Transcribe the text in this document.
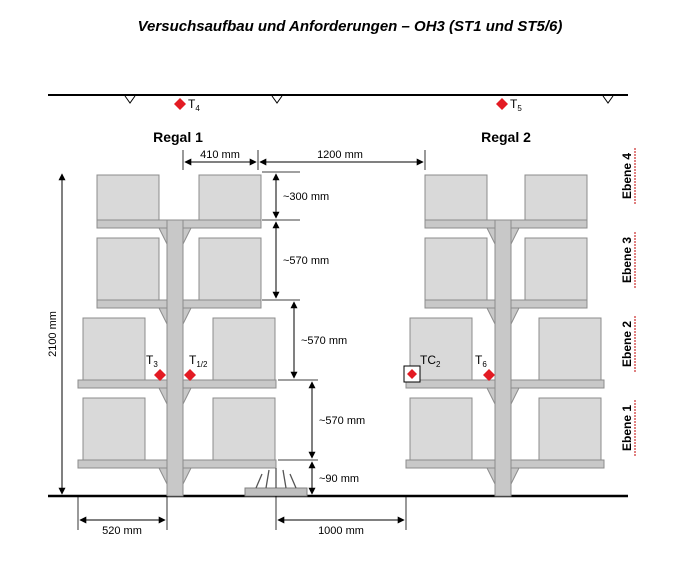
Versuchsaufbau und Anforderungen – OH3 (ST1 und ST5/6)
Regal 1	Regal 2
410 mm	1200 mm
~300 mm
~570 mm
~570 mm
~570 mm
~90 mm
2100 mm
520 mm	1000 mm
Ebene 4
Ebene 3
Ebene 2
Ebene 1
$T_4$	$T_5$
$T_3$	$T_{1/2}$	$TC_2$	$T_6$
